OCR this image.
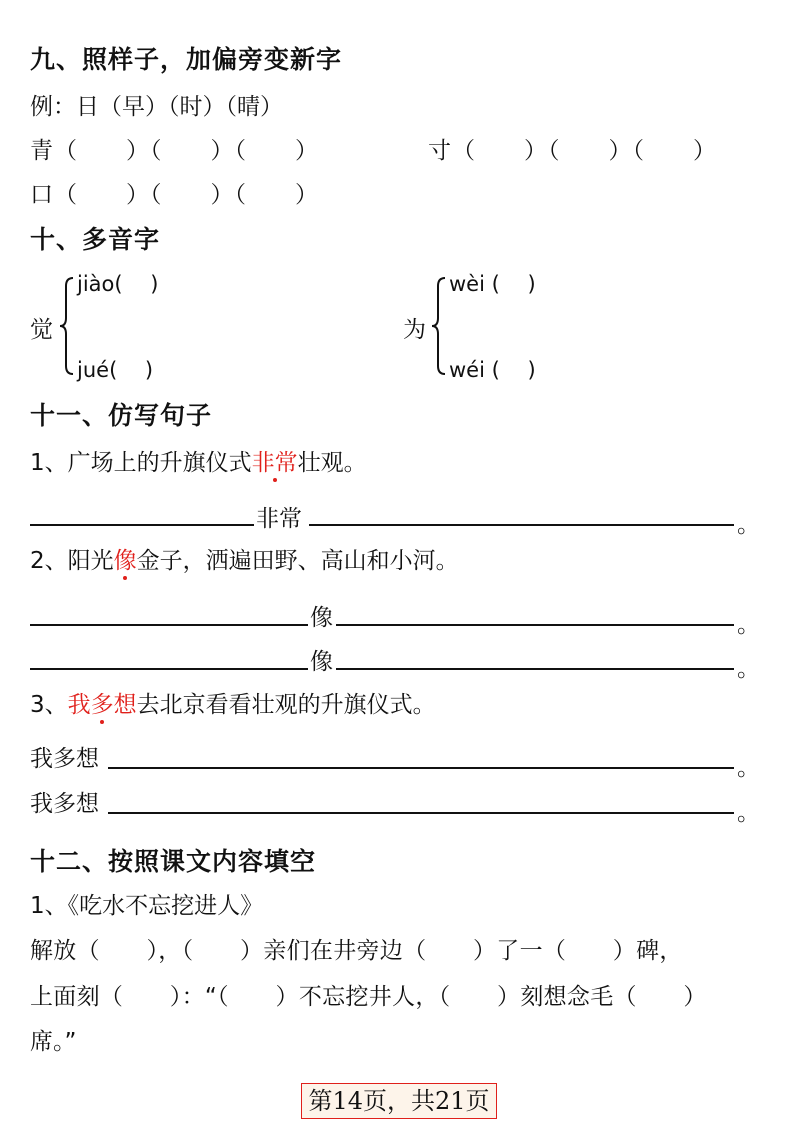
九、照样子，加偏旁变新字
例：日（早）（时）（晴）
青（　　）（　　）（　　）	寸（　　）（　　）（　　）
口（　　）（　　）（　　）
十、多音字
觉
jiào(　 )
jué(　 )
为
wèi (　 )
wéi (　 )
十一、仿写句子
1、广场上的升旗仪式非常壮观。
非常	。
2、阳光像金子，洒遍田野、高山和小河。
像	。
像	。
3、我多想去北京看看壮观的升旗仪式。
我多想	。
我多想	。
十二、按照课文内容填空
1、《吃水不忘挖进人》
解放（　　），（　　）亲们在井旁边（　　）了一（　　）碑，
上面刻（　　）：“（　　）不忘挖井人，（　　）刻想念毛（　　）
席。”
第14页，共21页
